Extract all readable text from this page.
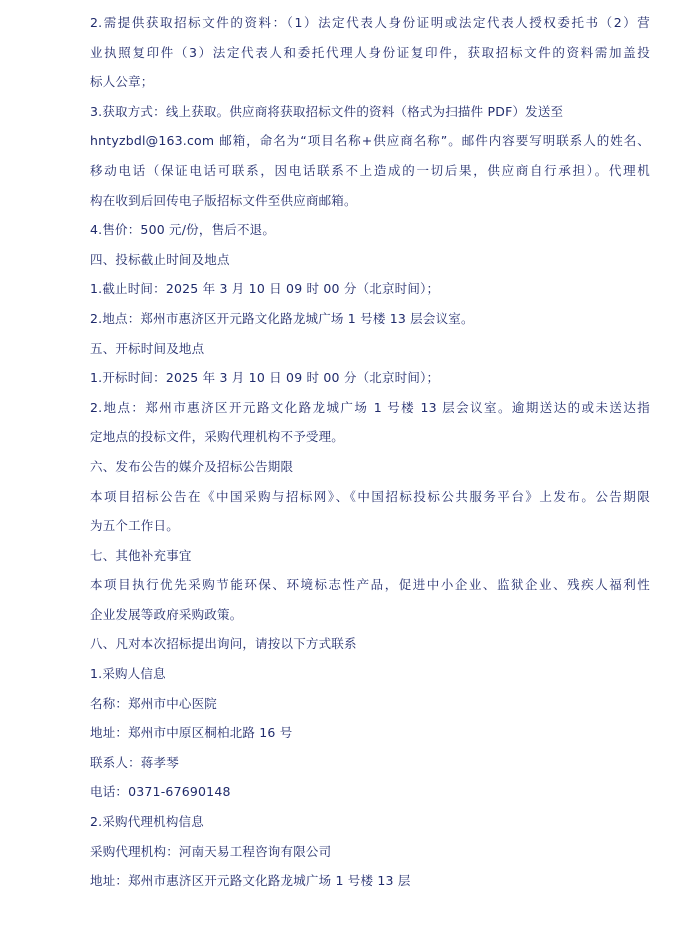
2.需提供获取招标文件的资料：（1）法定代表人身份证明或法定代表人授权委托书（2）营
业执照复印件（3）法定代表人和委托代理人身份证复印件，获取招标文件的资料需加盖投
标人公章；
3.获取方式：线上获取。供应商将获取招标文件的资料（格式为扫描件 PDF）发送至
hntyzbdl@163.com 邮箱，命名为“项目名称+供应商名称”。邮件内容要写明联系人的姓名、
移动电话（保证电话可联系，因电话联系不上造成的一切后果，供应商自行承担）。代理机
构在收到后回传电子版招标文件至供应商邮箱。
4.售价：500 元/份，售后不退。
四、投标截止时间及地点
1.截止时间：2025 年 3 月 10 日 09 时 00 分（北京时间）；
2.地点：郑州市惠济区开元路文化路龙城广场 1 号楼 13 层会议室。
五、开标时间及地点
1.开标时间：2025 年 3 月 10 日 09 时 00 分（北京时间）；
2.地点：郑州市惠济区开元路文化路龙城广场 1 号楼 13 层会议室。逾期送达的或未送达指
定地点的投标文件，采购代理机构不予受理。
六、发布公告的媒介及招标公告期限
本项目招标公告在《中国采购与招标网》、《中国招标投标公共服务平台》上发布。公告期限
为五个工作日。
七、其他补充事宜
本项目执行优先采购节能环保、环境标志性产品，促进中小企业、监狱企业、残疾人福利性
企业发展等政府采购政策。
八、凡对本次招标提出询问，请按以下方式联系
1.采购人信息
名称：郑州市中心医院
地址：郑州市中原区桐柏北路 16 号
联系人：蒋孝琴
电话：0371-67690148
2.采购代理机构信息
采购代理机构：河南天易工程咨询有限公司
地址：郑州市惠济区开元路文化路龙城广场 1 号楼 13 层
